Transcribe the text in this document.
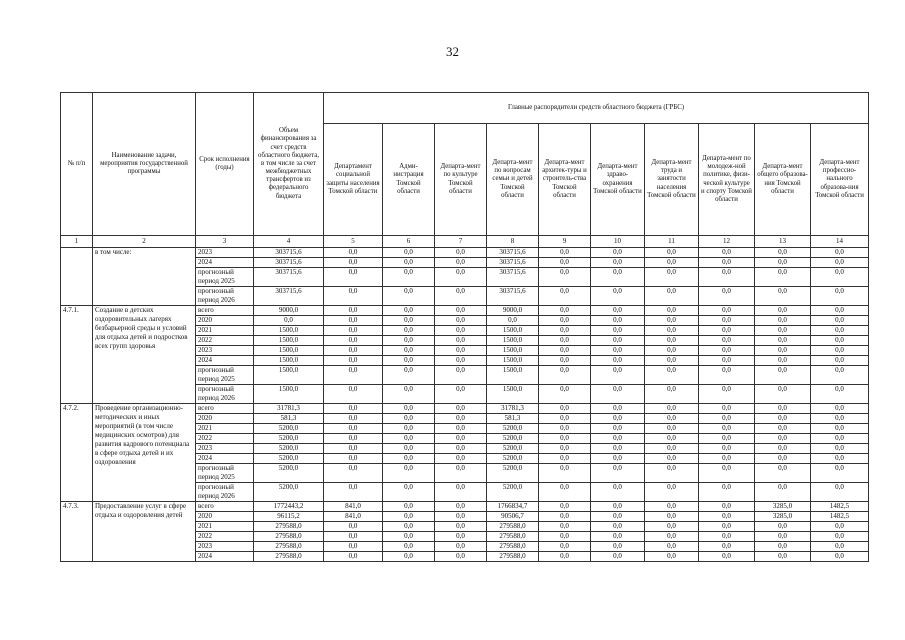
32
№ п/п	Наименование задачи, мероприятия государственной программы	Срок исполнения (годы)	Объем финансирования за счет средств областного бюджета, в том числе за счет межбюджетных трансфертов из федерального бюджета	Главные распорядители средств областного бюджета (ГРБС)									
				Департамент социальной защиты населения Томской области	Адми-нистрация Томской области	Департа-мент по культуре Томской области	Департа-мент по вопросам семьи и детей Томской области	Департа-мент архитек-туры и строитель-ства Томской области	Департа-мент здраво-охранения Томской области	Департа-мент труда и занятости населения Томской области	Департа-мент по молодеж-ной политике, физи-ческой культуре и спорту Томской области	Департа-мент общего образова-ния Томской области	Департа-мент профессио-нального образова-ния Томской области
1	2	3	4	5	6	7	8	9	10	11	12	13	14
	в том числе:	2023	303715,6	0,0	0,0	0,0	303715,6	0,0	0,0	0,0	0,0	0,0	0,0
		2024	303715,6	0,0	0,0	0,0	303715,6	0,0	0,0	0,0	0,0	0,0	0,0
		прогнозный период 2025	303715,6	0,0	0,0	0,0	303715,6	0,0	0,0	0,0	0,0	0,0	0,0
		прогнозный период 2026	303715,6	0,0	0,0	0,0	303715,6	0,0	0,0	0,0	0,0	0,0	0,0
4.7.1.	Создание в детских оздоровительных лагерях безбарьерной среды и условий для отдыха детей и подростков всех групп здоровья	всего	9000,0	0,0	0,0	0,0	9000,0	0,0	0,0	0,0	0,0	0,0	0,0
		2020	0,0	0,0	0,0	0,0	0,0	0,0	0,0	0,0	0,0	0,0	0,0
		2021	1500,0	0,0	0,0	0,0	1500,0	0,0	0,0	0,0	0,0	0,0	0,0
		2022	1500,0	0,0	0,0	0,0	1500,0	0,0	0,0	0,0	0,0	0,0	0,0
		2023	1500,0	0,0	0,0	0,0	1500,0	0,0	0,0	0,0	0,0	0,0	0,0
		2024	1500,0	0,0	0,0	0,0	1500,0	0,0	0,0	0,0	0,0	0,0	0,0
		прогнозный период 2025	1500,0	0,0	0,0	0,0	1500,0	0,0	0,0	0,0	0,0	0,0	0,0
		прогнозный период 2026	1500,0	0,0	0,0	0,0	1500,0	0,0	0,0	0,0	0,0	0,0	0,0
4.7.2.	Проведение организационно-методических и иных мероприятий (в том числе медицинских осмотров) для развития кадрового потенциала в сфере отдыха детей и их оздоровления	всего	31781,3	0,0	0,0	0,0	31781,3	0,0	0,0	0,0	0,0	0,0	0,0
		2020	581,3	0,0	0,0	0,0	581,3	0,0	0,0	0,0	0,0	0,0	0,0
		2021	5200,0	0,0	0,0	0,0	5200,0	0,0	0,0	0,0	0,0	0,0	0,0
		2022	5200,0	0,0	0,0	0,0	5200,0	0,0	0,0	0,0	0,0	0,0	0,0
		2023	5200,0	0,0	0,0	0,0	5200,0	0,0	0,0	0,0	0,0	0,0	0,0
		2024	5200,0	0,0	0,0	0,0	5200,0	0,0	0,0	0,0	0,0	0,0	0,0
		прогнозный период 2025	5200,0	0,0	0,0	0,0	5200,0	0,0	0,0	0,0	0,0	0,0	0,0
		прогнозный период 2026	5200,0	0,0	0,0	0,0	5200,0	0,0	0,0	0,0	0,0	0,0	0,0
4.7.3.	Предоставление услуг в сфере отдыха и оздоровления детей	всего	1772443,2	841,0	0,0	0,0	1766834,7	0,0	0,0	0,0	0,0	3285,0	1482,5
		2020	96115,2	841,0	0,0	0,0	90506,7	0,0	0,0	0,0	0,0	3285,0	1482,5
		2021	279588,0	0,0	0,0	0,0	279588,0	0,0	0,0	0,0	0,0	0,0	0,0
		2022	279588,0	0,0	0,0	0,0	279588,0	0,0	0,0	0,0	0,0	0,0	0,0
		2023	279588,0	0,0	0,0	0,0	279588,0	0,0	0,0	0,0	0,0	0,0	0,0
		2024	279588,0	0,0	0,0	0,0	279588,0	0,0	0,0	0,0	0,0	0,0	0,0
